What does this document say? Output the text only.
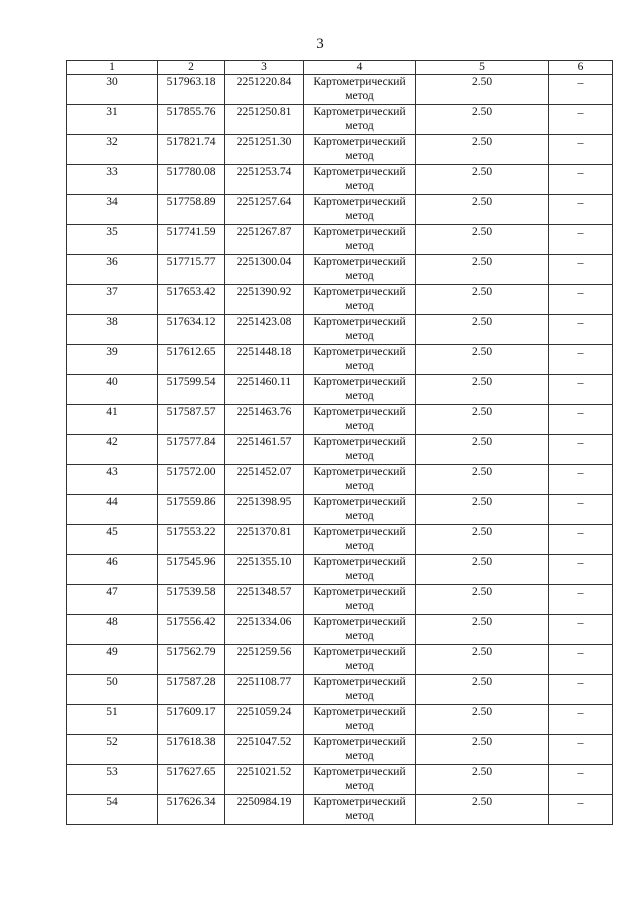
3
1	2	3	4	5	6
30	517963.18	2251220.84	Картометрический метод	2.50	–
31	517855.76	2251250.81	Картометрический метод	2.50	–
32	517821.74	2251251.30	Картометрический метод	2.50	–
33	517780.08	2251253.74	Картометрический метод	2.50	–
34	517758.89	2251257.64	Картометрический метод	2.50	–
35	517741.59	2251267.87	Картометрический метод	2.50	–
36	517715.77	2251300.04	Картометрический метод	2.50	–
37	517653.42	2251390.92	Картометрический метод	2.50	–
38	517634.12	2251423.08	Картометрический метод	2.50	–
39	517612.65	2251448.18	Картометрический метод	2.50	–
40	517599.54	2251460.11	Картометрический метод	2.50	–
41	517587.57	2251463.76	Картометрический метод	2.50	–
42	517577.84	2251461.57	Картометрический метод	2.50	–
43	517572.00	2251452.07	Картометрический метод	2.50	–
44	517559.86	2251398.95	Картометрический метод	2.50	–
45	517553.22	2251370.81	Картометрический метод	2.50	–
46	517545.96	2251355.10	Картометрический метод	2.50	–
47	517539.58	2251348.57	Картометрический метод	2.50	–
48	517556.42	2251334.06	Картометрический метод	2.50	–
49	517562.79	2251259.56	Картометрический метод	2.50	–
50	517587.28	2251108.77	Картометрический метод	2.50	–
51	517609.17	2251059.24	Картометрический метод	2.50	–
52	517618.38	2251047.52	Картометрический метод	2.50	–
53	517627.65	2251021.52	Картометрический метод	2.50	–
54	517626.34	2250984.19	Картометрический метод	2.50	–
